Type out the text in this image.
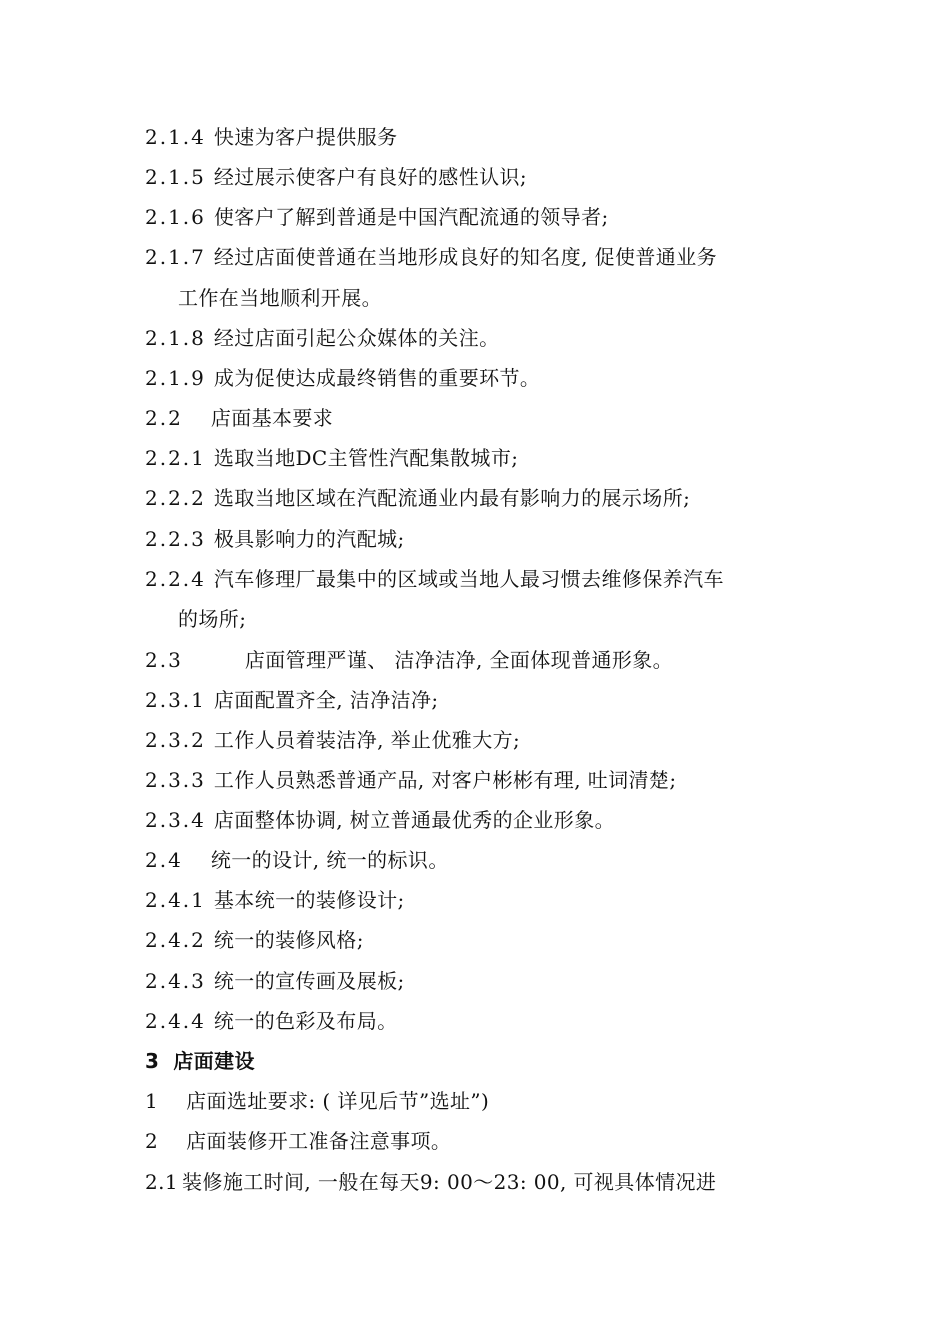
2.1.4 快速为客户提供服务
2.1.5 经过展示使客户有良好的感性认识;
2.1.6 使客户了解到普通是中国汽配流通的领导者;
2.1.7 经过店面使普通在当地形成良好的知名度, 促使普通业务
工作在当地顺利开展。
2.1.8 经过店面引起公众媒体的关注。
2.1.9 成为促使达成最终销售的重要环节。
2.2 店面基本要求
2.2.1 选取当地DC主管性汽配集散城市;
2.2.2 选取当地区域在汽配流通业内最有影响力的展示场所;
2.2.3 极具影响力的汽配城;
2.2.4 汽车修理厂最集中的区域或当地人最习惯去维修保养汽车
的场所;
2.3	店面管理严谨、 洁净洁净, 全面体现普通形象。
2.3.1 店面配置齐全, 洁净洁净;
2.3.2 工作人员着装洁净, 举止优雅大方;
2.3.3 工作人员熟悉普通产品, 对客户彬彬有理, 吐词清楚;
2.3.4 店面整体协调, 树立普通最优秀的企业形象。
2.4 统一的设计, 统一的标识。
2.4.1 基本统一的装修设计;
2.4.2 统一的装修风格;
2.4.3 统一的宣传画及展板;
2.4.4 统一的色彩及布局。
3 店面建设
1 店面选址要求: ( 详见后节”选址”)
2 店面装修开工准备注意事项。
2.1 装修施工时间, 一般在每天9: 00～23: 00, 可视具体情况进
